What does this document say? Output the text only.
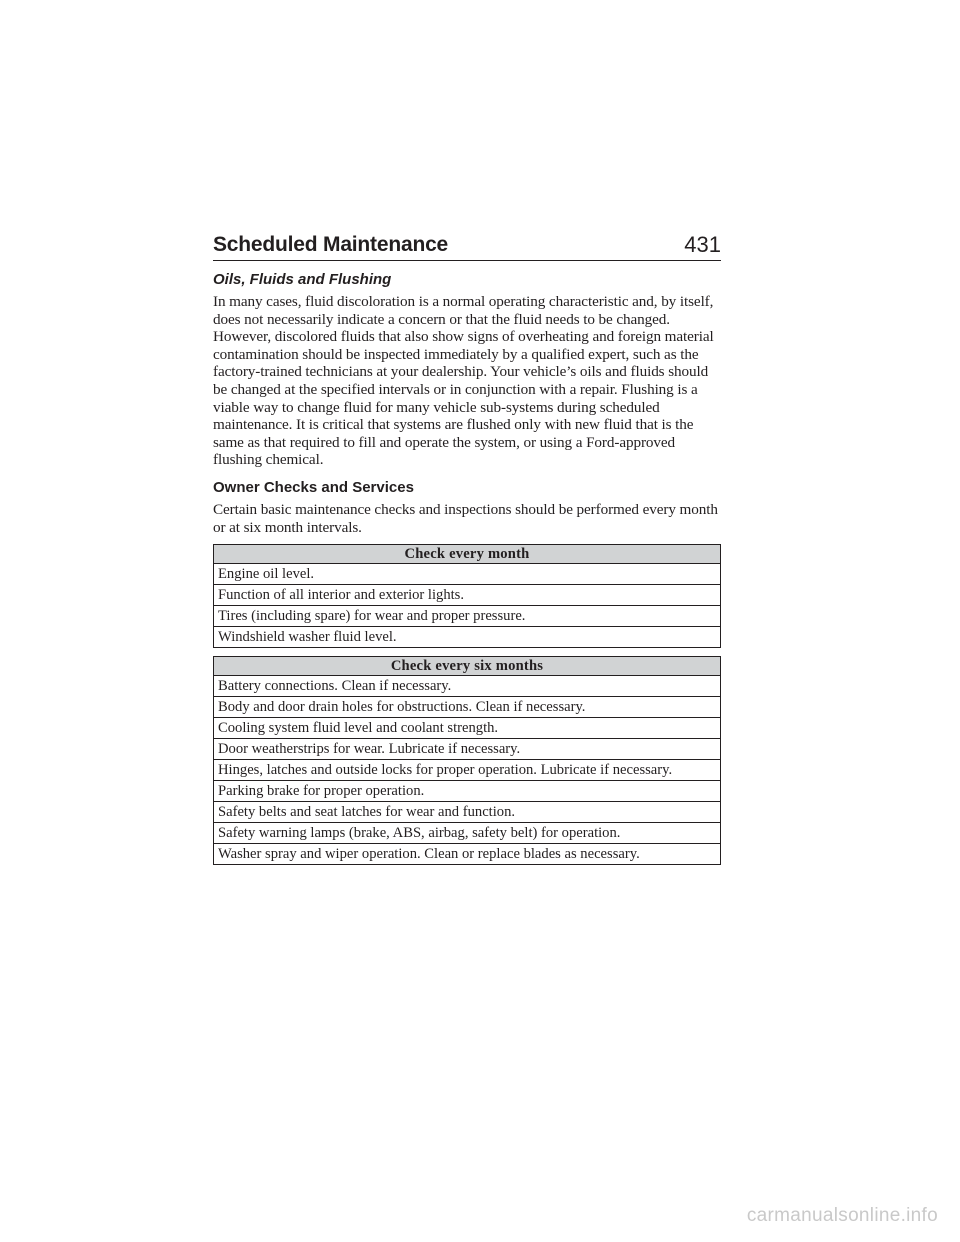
Scheduled Maintenance	431
Oils, Fluids and Flushing

In many cases, fluid discoloration is a normal operating characteristic and, by itself, does not necessarily indicate a concern or that the fluid needs to be changed. However, discolored fluids that also show signs of overheating and foreign material contamination should be inspected immediately by a qualified expert, such as the factory-trained technicians at your dealership. Your vehicle’s oils and fluids should be changed at the specified intervals or in conjunction with a repair. Flushing is a viable way to change fluid for many vehicle sub-systems during scheduled maintenance. It is critical that systems are flushed only with new fluid that is the same as that required to fill and operate the system, or using a Ford-approved flushing chemical.

Owner Checks and Services

Certain basic maintenance checks and inspections should be performed every month or at six month intervals.

Check every month
Engine oil level.
Function of all interior and exterior lights.
Tires (including spare) for wear and proper pressure.
Windshield washer fluid level.
Check every six months
Battery connections. Clean if necessary.
Body and door drain holes for obstructions. Clean if necessary.
Cooling system fluid level and coolant strength.
Door weatherstrips for wear. Lubricate if necessary.
Hinges, latches and outside locks for proper operation. Lubricate if necessary.
Parking brake for proper operation.
Safety belts and seat latches for wear and function.
Safety warning lamps (brake, ABS, airbag, safety belt) for operation.
Washer spray and wiper operation. Clean or replace blades as necessary.
carmanualsonline.info
